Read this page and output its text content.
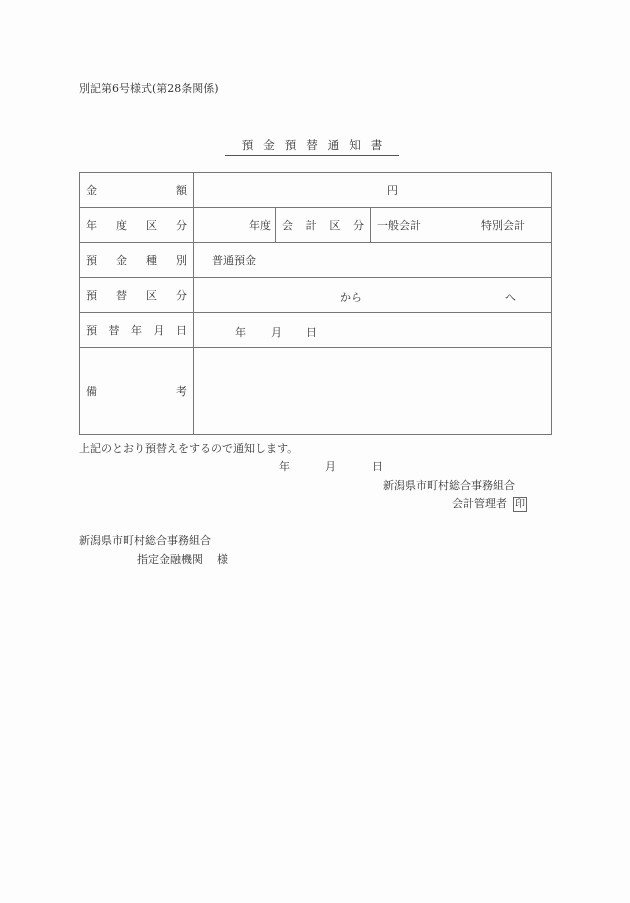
別記第6号様式(第28条関係)
預 金 預 替 通 知 書
金 額	円

年 度 区 分	年度 会 計 区 分 一般会計	特別会計

預 金 種 別	普通預金

預 替 区 分	から へ

預 替 年 月 日	年 月 日

備 考	

上記のとおり預替えをするので通知します。
年	月	日
新潟県市町村総合事務組合
会計管理者 印
新潟県市町村総合事務組合
指定金融機関 様
